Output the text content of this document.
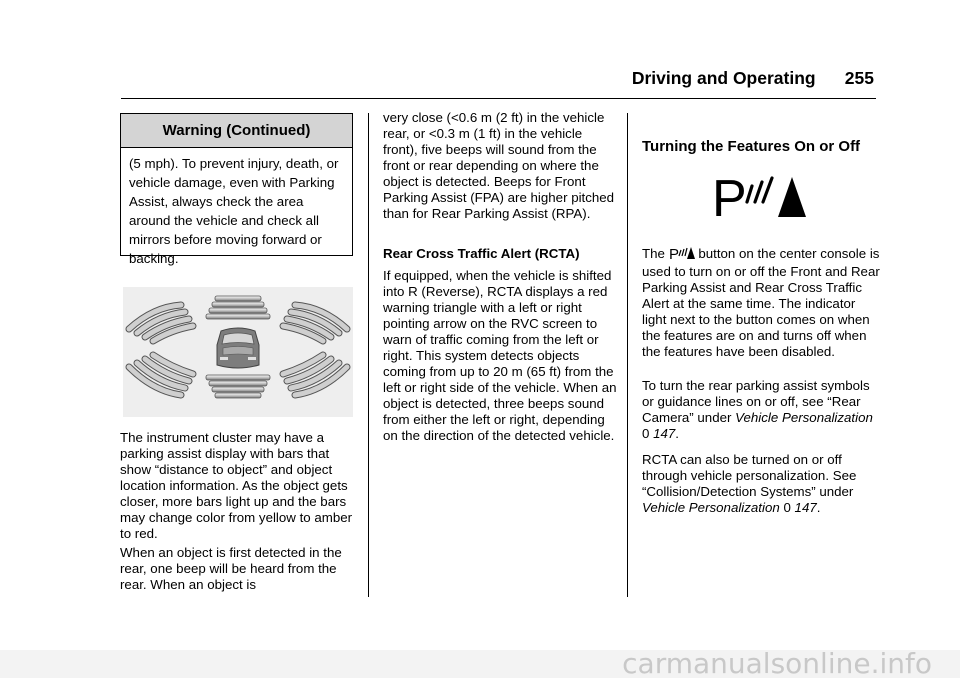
Driving and Operating 255
Warning (Continued)
(5 mph). To prevent injury, death, or vehicle damage, even with Parking Assist, always check the area around the vehicle and check all mirrors before moving forward or backing.

The instrument cluster may have a parking assist display with bars that show “distance to object” and object location information. As the object gets closer, more bars light up and the bars may change color from yellow to amber to red.

When an object is first detected in the rear, one beep will be heard from the rear. When an object is

very close (<0.6 m (2 ft) in the vehicle rear, or <0.3 m (1 ft) in the vehicle front), five beeps will sound from the front or rear depending on where the object is detected. Beeps for Front Parking Assist (FPA) are higher pitched than for Rear Parking Assist (RPA).

Rear Cross Traffic Alert (RCTA)

If equipped, when the vehicle is shifted into R (Reverse), RCTA displays a red warning triangle with a left or right pointing arrow on the RVC screen to warn of traffic coming from the left or right. This system detects objects coming from up to 20 m (65 ft) from the left or right side of the vehicle. When an object is detected, three beeps sound from either the left or right, depending on the direction of the detected vehicle.

Turning the Features On or Off

P

The P button on the center console is used to turn on or off the Front and Rear Parking Assist and Rear Cross Traffic Alert at the same time. The indicator light next to the button comes on when the features are on and turns off when the features have been disabled.

To turn the rear parking assist symbols or guidance lines on or off, see “Rear Camera” under Vehicle Personalization 0 147.

RCTA can also be turned on or off through vehicle personalization. See “Collision/Detection Systems” under Vehicle Personalization 0 147.

carmanualsonline.info
